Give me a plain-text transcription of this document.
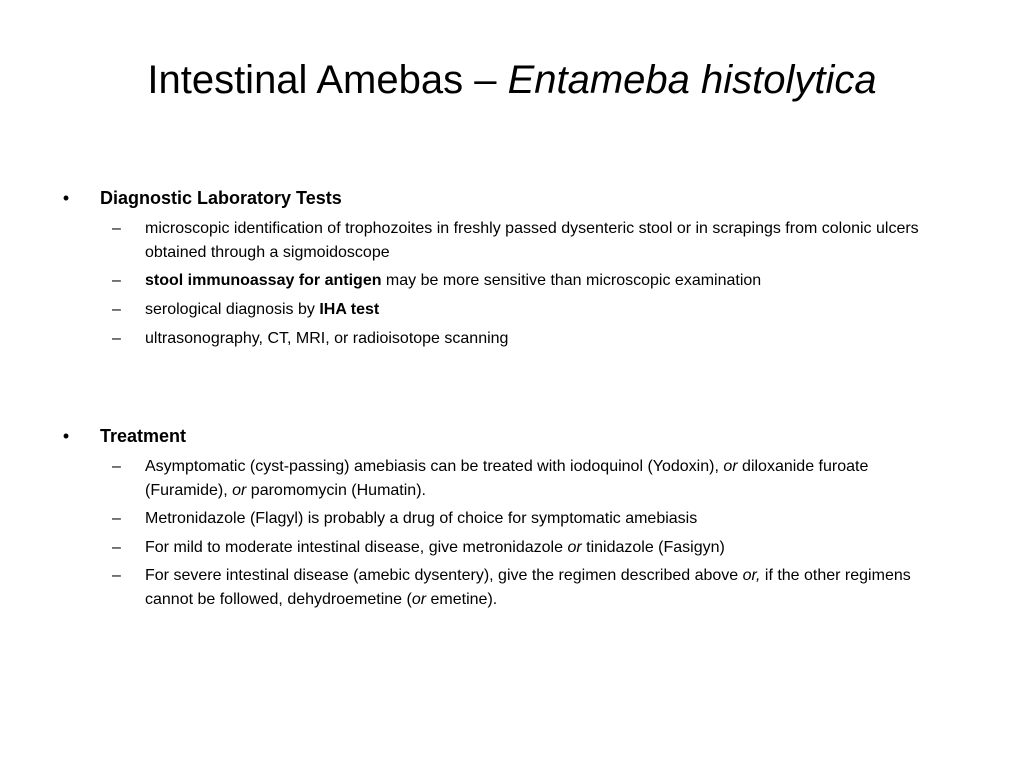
Intestinal Amebas – Entameba histolytica
• Diagnostic Laboratory Tests
–	microscopic identification of trophozoites in freshly passed dysenteric stool or in scrapings from colonic ulcers obtained through a sigmoidoscope
–	stool immunoassay for antigen may be more sensitive than microscopic examination
–	serological diagnosis by IHA test
–	ultrasonography, CT, MRI, or radioisotope scanning
• Treatment
–	Asymptomatic (cyst-passing) amebiasis can be treated with iodoquinol (Yodoxin), or diloxanide furoate (Furamide), or paromomycin (Humatin).
–	Metronidazole (Flagyl) is probably a drug of choice for symptomatic amebiasis
–	For mild to moderate intestinal disease, give metronidazole or tinidazole (Fasigyn)
–	For severe intestinal disease (amebic dysentery), give the regimen described above or, if the other regimens cannot be followed, dehydroemetine (or emetine).
